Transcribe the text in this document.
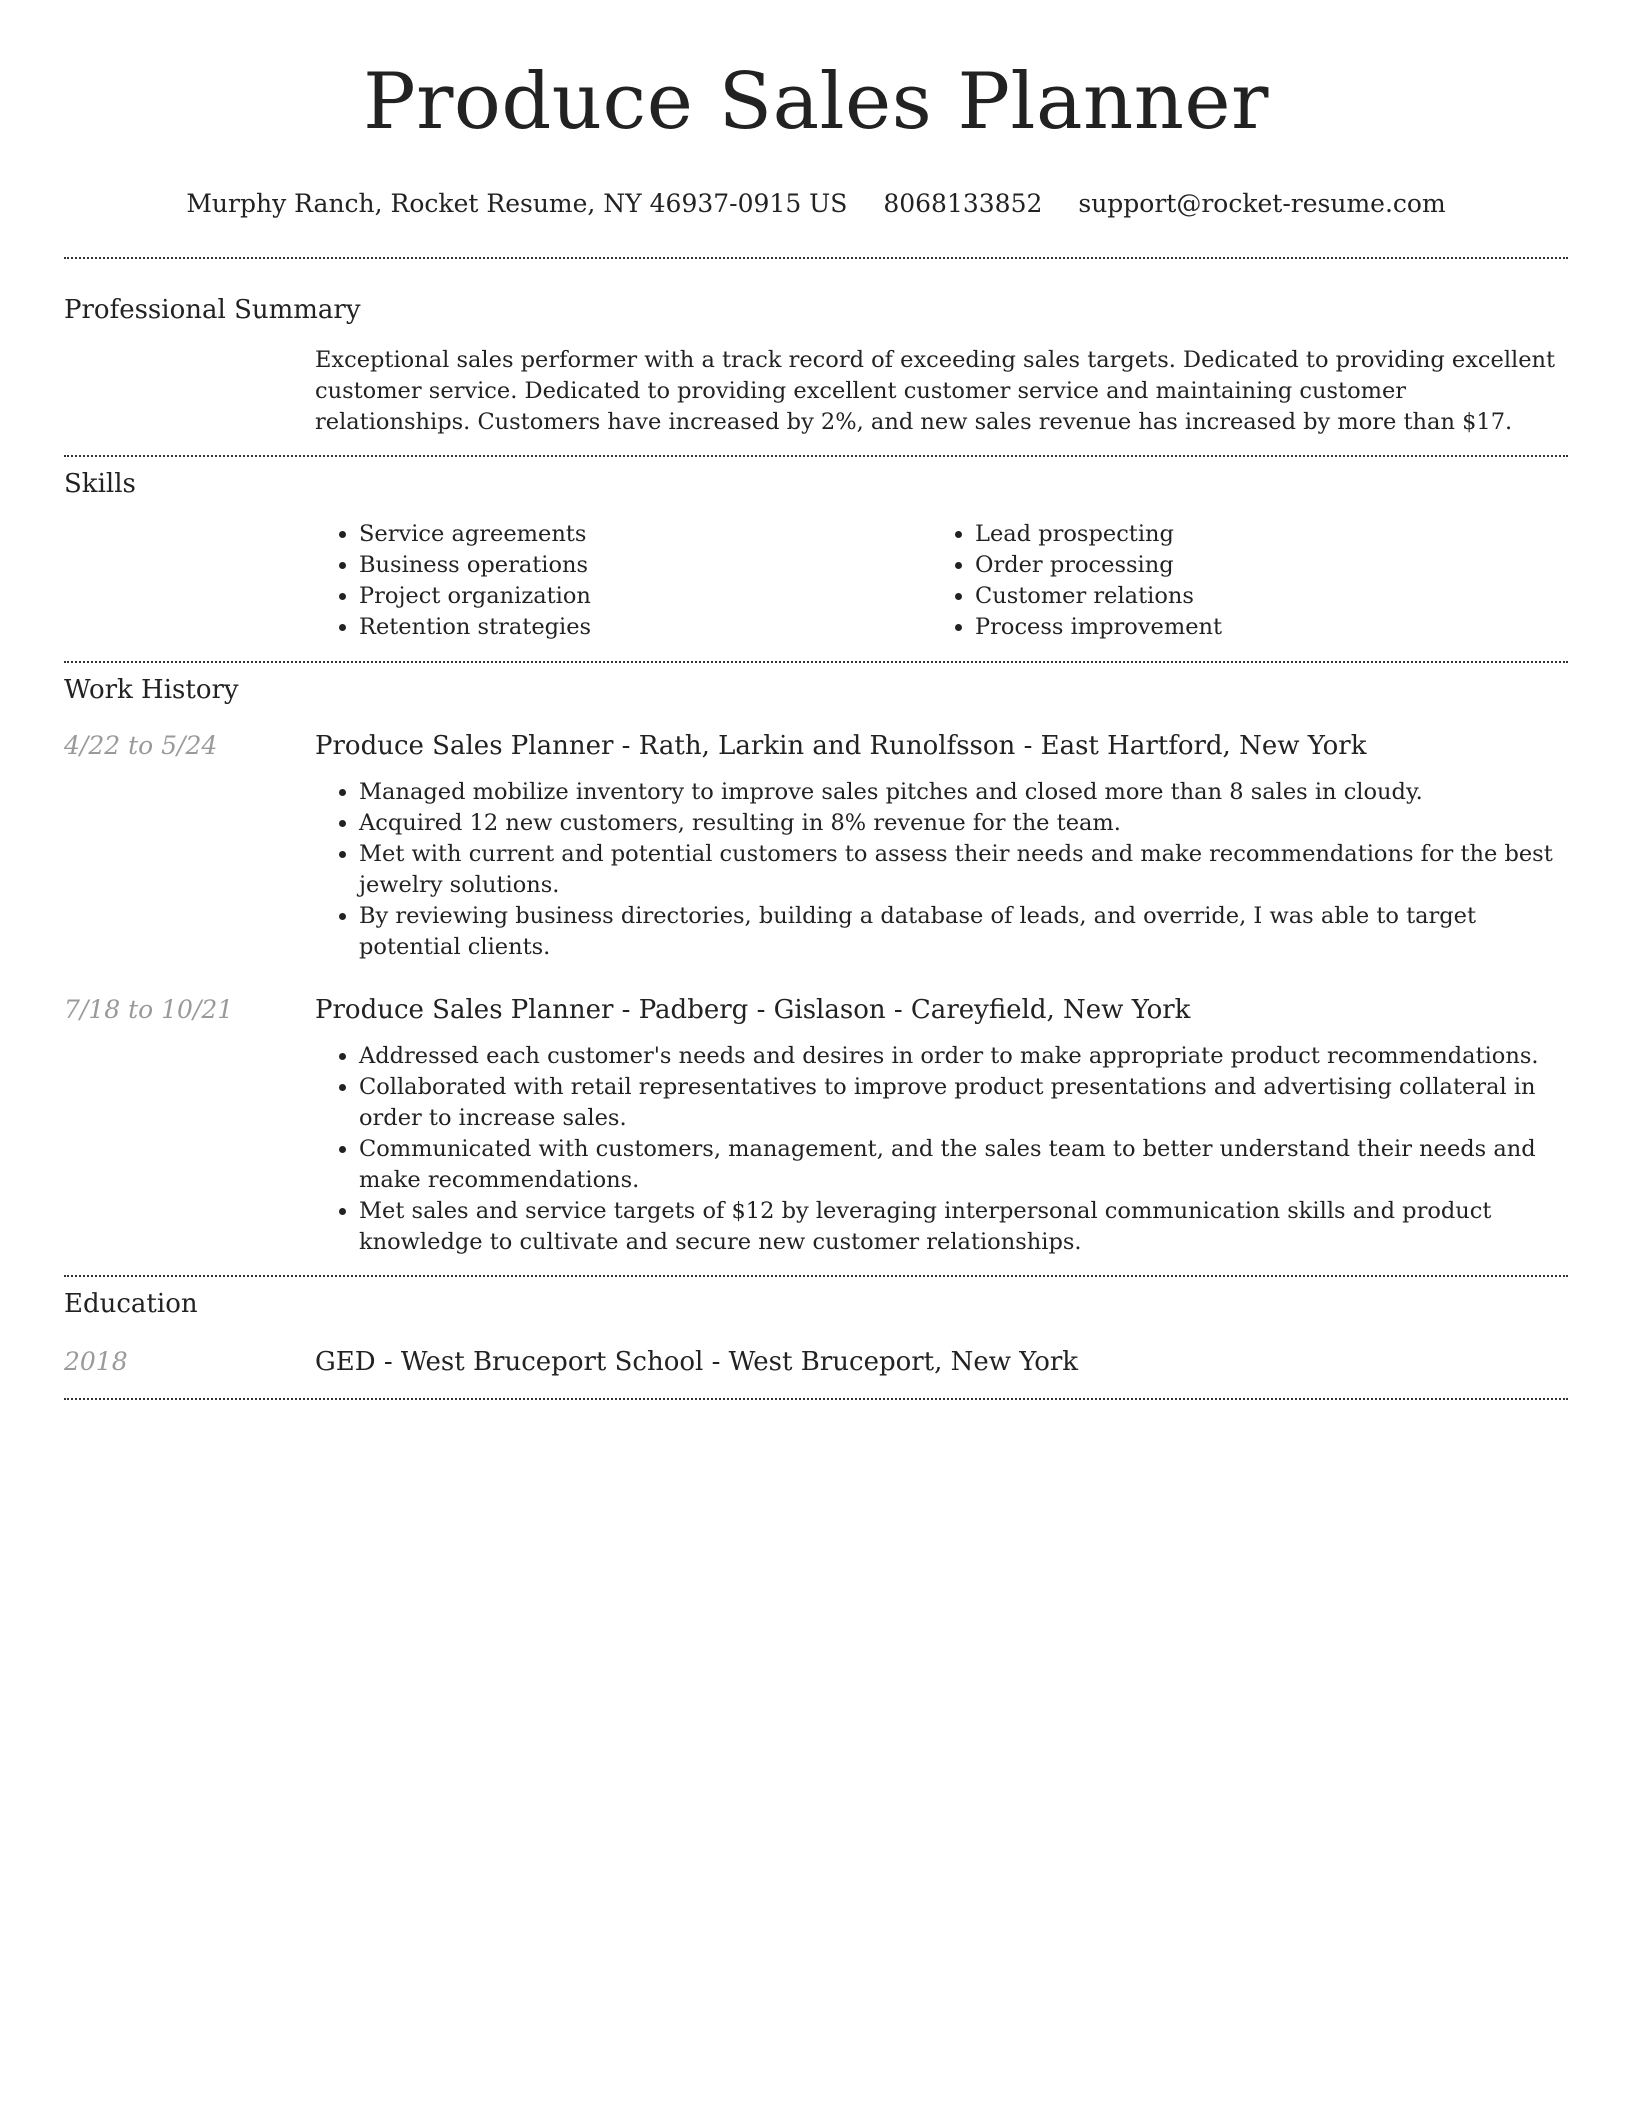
Produce Sales Planner
Murphy Ranch, Rocket Resume, NY 46937-0915 US 8068133852 support@rocket-resume.com
Professional Summary

Exceptional sales performer with a track record of exceeding sales targets. Dedicated to providing excellent customer service. Dedicated to providing excellent customer service and maintaining customer relationships. Customers have increased by 2%, and new sales revenue has increased by more than $17.

Skills
• Service agreements
• Business operations
• Project organization
• Retention strategies
• Lead prospecting
• Order processing
• Customer relations
• Process improvement
Work History
4/22 to 5/24	Produce Sales Planner - Rath, Larkin and Runolfsson - East Hartford, New York
• Managed mobilize inventory to improve sales pitches and closed more than 8 sales in cloudy.
• Acquired 12 new customers, resulting in 8% revenue for the team.
• Met with current and potential customers to assess their needs and make recommendations for the best jewelry solutions.
• By reviewing business directories, building a database of leads, and override, I was able to target potential clients.
7/18 to 10/21	Produce Sales Planner - Padberg - Gislason - Careyfield, New York
• Addressed each customer's needs and desires in order to make appropriate product recommendations.
• Collaborated with retail representatives to improve product presentations and advertising collateral in order to increase sales.
• Communicated with customers, management, and the sales team to better understand their needs and make recommendations.
• Met sales and service targets of $12 by leveraging interpersonal communication skills and product knowledge to cultivate and secure new customer relationships.
Education
2018	GED - West Bruceport School - West Bruceport, New York
